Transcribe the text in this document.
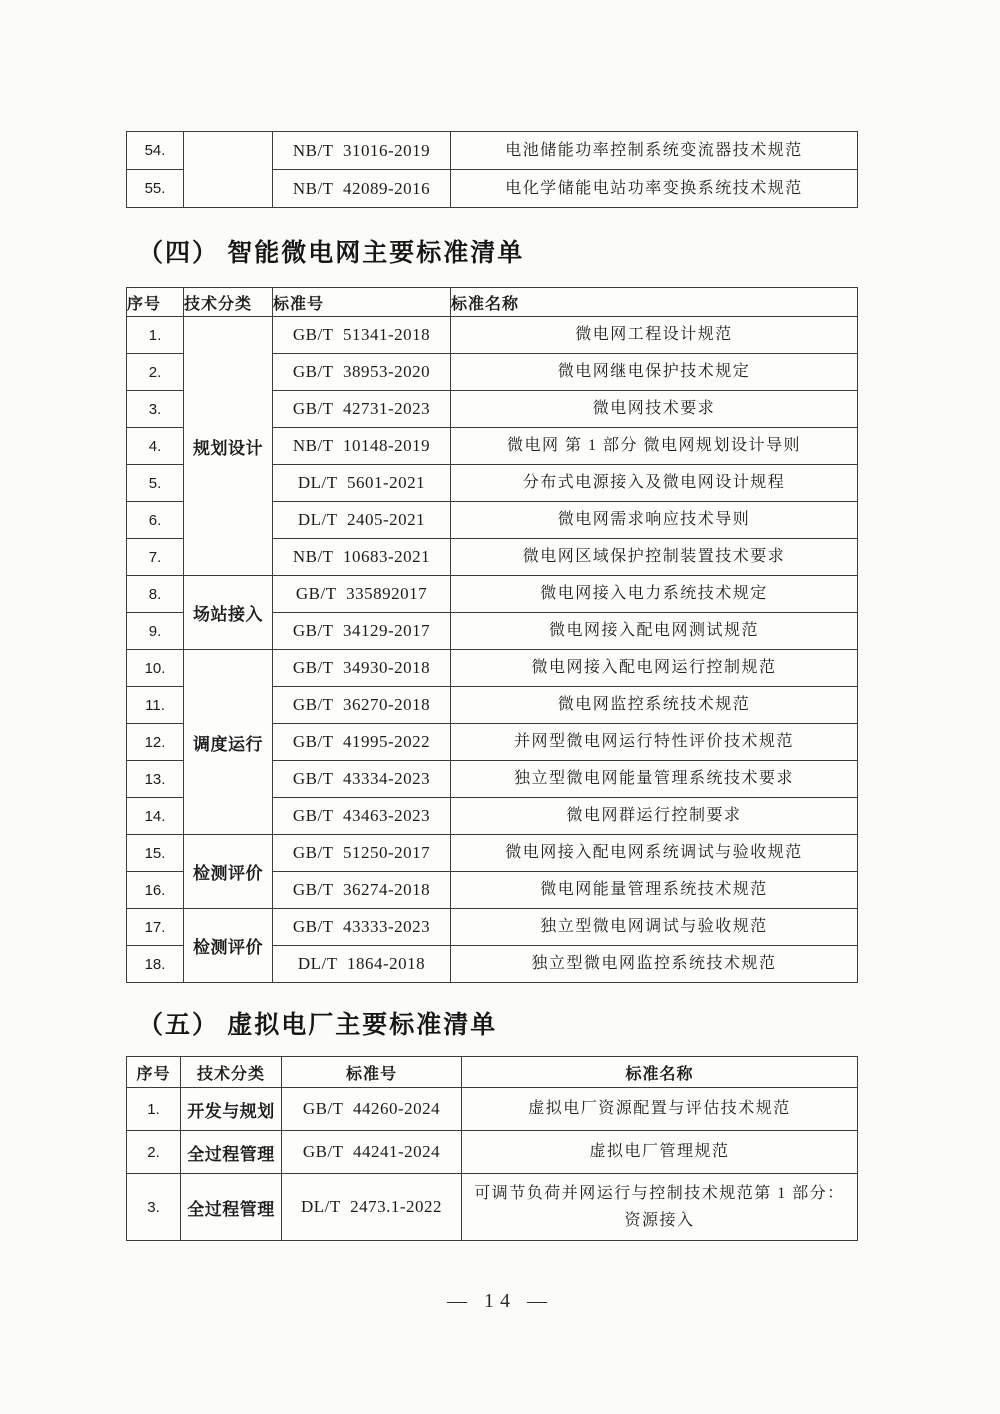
54.		NB/T 31016-2019	电池储能功率控制系统变流器技术规范
55.		NB/T 42089-2016	电化学储能电站功率变换系统技术规范
（四） 智能微电网主要标准清单
序号	技术分类	标准号	标准名称
1.	规划设计	GB/T 51341-2018	微电网工程设计规范
2.		GB/T 38953-2020	微电网继电保护技术规定
3.		GB/T 42731-2023	微电网技术要求
4.		NB/T 10148-2019	微电网 第 1 部分 微电网规划设计导则
5.		DL/T 5601-2021	分布式电源接入及微电网设计规程
6.		DL/T 2405-2021	微电网需求响应技术导则
7.		NB/T 10683-2021	微电网区域保护控制装置技术要求
8.	场站接入	GB/T 335892017	微电网接入电力系统技术规定
9.		GB/T 34129-2017	微电网接入配电网测试规范
10.	调度运行	GB/T 34930-2018	微电网接入配电网运行控制规范
11.		GB/T 36270-2018	微电网监控系统技术规范
12.		GB/T 41995-2022	并网型微电网运行特性评价技术规范
13.		GB/T 43334-2023	独立型微电网能量管理系统技术要求
14.		GB/T 43463-2023	微电网群运行控制要求
15.	检测评价	GB/T 51250-2017	微电网接入配电网系统调试与验收规范
16.		GB/T 36274-2018	微电网能量管理系统技术规范
17.	检测评价	GB/T 43333-2023	独立型微电网调试与验收规范
18.		DL/T 1864-2018	独立型微电网监控系统技术规范
（五） 虚拟电厂主要标准清单
序号	技术分类	标准号	标准名称
1.	开发与规划	GB/T 44260-2024	虚拟电厂资源配置与评估技术规范
2.	全过程管理	GB/T 44241-2024	虚拟电厂管理规范
3.	全过程管理	DL/T 2473.1-2022	可调节负荷并网运行与控制技术规范第 1 部分：资源接入
— 14 —
